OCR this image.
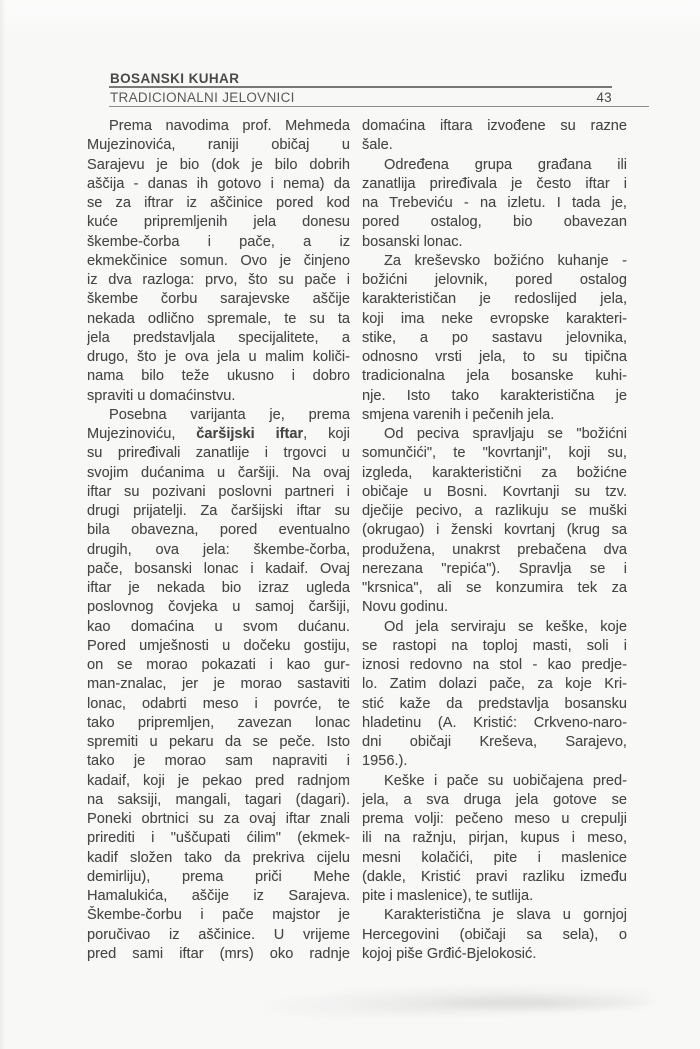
BOSANSKI KUHAR
TRADICIONALNI JELOVNICI	43
Prema navodima prof. Mehmeda
Mujezinovića, raniji običaj u
Sarajevu je bio (dok je bilo dobrih
aščija - danas ih gotovo i nema) da
se za iftrar iz aščinice pored kod
kuće pripremljenih jela donesu
škembe-čorba i pače, a iz
ekmekčinice somun. Ovo je činjeno
iz dva razloga: prvo, što su pače i
škembe čorbu sarajevske aščije
nekada odlično spremale, te su ta
jela predstavljala specijalitete, a
drugo, što je ova jela u malim količi-
nama bilo teže ukusno i dobro
spraviti u domaćinstvu.
Posebna varijanta je, prema
Mujezinoviću, čaršijski iftar, koji
su priređivali zanatlije i trgovci u
svojim dućanima u čaršiji. Na ovaj
iftar su pozivani poslovni partneri i
drugi prijatelji. Za čaršijski iftar su
bila obavezna, pored eventualno
drugih, ova jela: škembe-čorba,
pače, bosanski lonac i kadaif. Ovaj
iftar je nekada bio izraz ugleda
poslovnog čovjeka u samoj čaršiji,
kao domaćina u svom dućanu.
Pored umješnosti u dočeku gostiju,
on se morao pokazati i kao gur-
man-znalac, jer je morao sastaviti
lonac, odabrti meso i povrće, te
tako pripremljen, zavezan lonac
spremiti u pekaru da se peče. Isto
tako je morao sam napraviti i
kadaif, koji je pekao pred radnjom
na saksiji, mangali, tagari (dagari).
Poneki obrtnici su za ovaj iftar znali
prirediti i "uščupati ćilim" (ekmek-
kadif složen tako da prekriva cijelu
demirliju), prema priči Mehe
Hamalukića, aščije iz Sarajeva.
Škembe-čorbu i pače majstor je
poručivao iz aščinice. U vrijeme
pred sami iftar (mrs) oko radnje
domaćina iftara izvođene su razne
šale.
Određena grupa građana ili
zanatlija priređivala je često iftar i
na Trebeviću - na izletu. I tada je,
pored ostalog, bio obavezan
bosanski lonac.
Za kreševsko božićno kuhanje -
božićni jelovnik, pored ostalog
karakterističan je redoslijed jela,
koji ima neke evropske karakteri-
stike, a po sastavu jelovnika,
odnosno vrsti jela, to su tipična
tradicionalna jela bosanske kuhi-
nje. Isto tako karakteristična je
smjena varenih i pečenih jela.
Od peciva spravljaju se "božićni
somunčići", te "kovrtanji", koji su,
izgleda, karakteristični za božićne
običaje u Bosni. Kovrtanji su tzv.
dječije pecivo, a razlikuju se muški
(okrugao) i ženski kovrtanj (krug sa
produžena, unakrst prebačena dva
nerezana "repića"). Spravlja se i
"krsnica", ali se konzumira tek za
Novu godinu.
Od jela serviraju se keške, koje
se rastopi na toploj masti, soli i
iznosi redovno na stol - kao predje-
lo. Zatim dolazi pače, za koje Kri-
stić kaže da predstavlja bosansku
hladetinu (A. Kristić: Crkveno-naro-
dni običaji Kreševa, Sarajevo,
1956.).
Keške i pače su uobičajena pred-
jela, a sva druga jela gotove se
prema volji: pečeno meso u crepulji
ili na ražnju, pirjan, kupus i meso,
mesni kolačići, pite i maslenice
(dakle, Kristić pravi razliku između
pite i maslenice), te sutlija.
Karakteristična je slava u gornjoj
Hercegovini (običaji sa sela), o
kojoj piše Grđić-Bjelokosić.
